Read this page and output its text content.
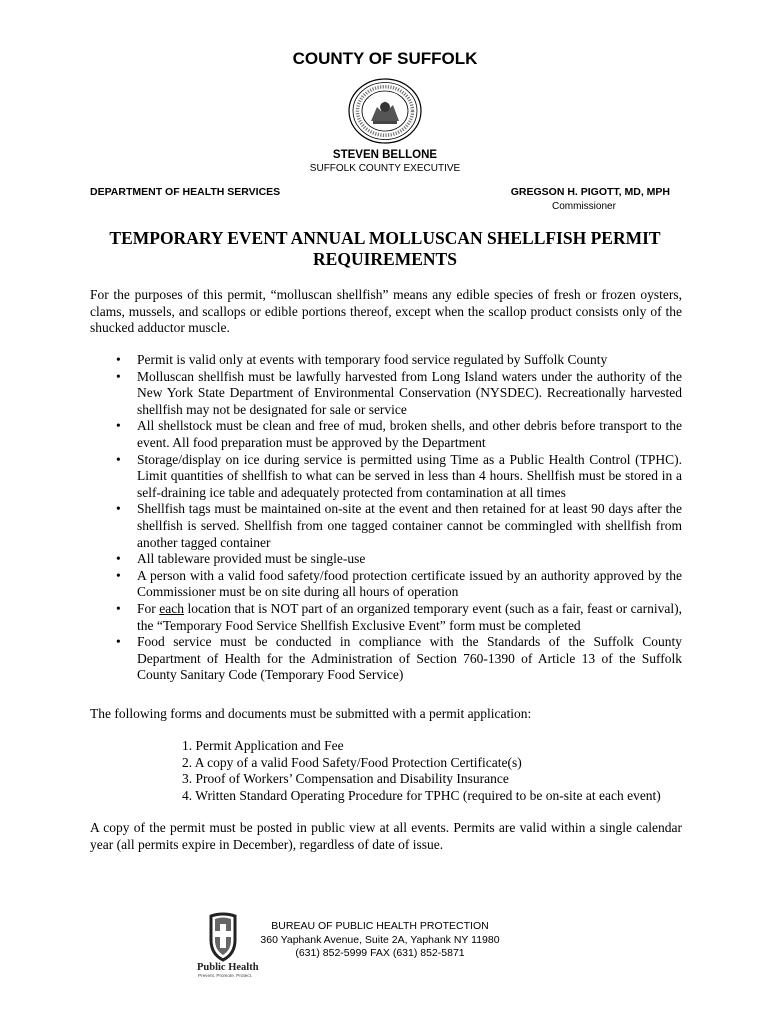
COUNTY OF SUFFOLK
STEVEN BELLONE
SUFFOLK COUNTY EXECUTIVE
DEPARTMENT OF HEALTH SERVICES	GREGSON H. PIGOTT, MD, MPH
Commissioner
TEMPORARY EVENT ANNUAL MOLLUSCAN SHELLFISH PERMIT
REQUIREMENTS

For the purposes of this permit, “molluscan shellfish” means any edible species of fresh or frozen oysters, clams, mussels, and scallops or edible portions thereof, except when the scallop product consists only of the shucked adductor muscle.

• Permit is valid only at events with temporary food service regulated by Suffolk County
• Molluscan shellfish must be lawfully harvested from Long Island waters under the authority of the New York State Department of Environmental Conservation (NYSDEC). Recreationally harvested shellfish may not be designated for sale or service
• All shellstock must be clean and free of mud, broken shells, and other debris before transport to the event. All food preparation must be approved by the Department
• Storage/display on ice during service is permitted using Time as a Public Health Control (TPHC). Limit quantities of shellfish to what can be served in less than 4 hours. Shellfish must be stored in a self-draining ice table and adequately protected from contamination at all times
• Shellfish tags must be maintained on-site at the event and then retained for at least 90 days after the shellfish is served. Shellfish from one tagged container cannot be commingled with shellfish from another tagged container
• All tableware provided must be single-use
• A person with a valid food safety/food protection certificate issued by an authority approved by the Commissioner must be on site during all hours of operation
• For each location that is NOT part of an organized temporary event (such as a fair, feast or carnival), the “Temporary Food Service Shellfish Exclusive Event” form must be completed
• Food service must be conducted in compliance with the Standards of the Suffolk County Department of Health for the Administration of Section 760-1390 of Article 13 of the Suffolk County Sanitary Code (Temporary Food Service)

The following forms and documents must be submitted with a permit application:

1. Permit Application and Fee
2. A copy of a valid Food Safety/Food Protection Certificate(s)
3. Proof of Workers’ Compensation and Disability Insurance
4. Written Standard Operating Procedure for TPHC (required to be on-site at each event)

A copy of the permit must be posted in public view at all events. Permits are valid within a single calendar year (all permits expire in December), regardless of date of issue.

Public Health
Prevent. Promote. Protect.
BUREAU OF PUBLIC HEALTH PROTECTION
360 Yaphank Avenue, Suite 2A, Yaphank NY 11980
(631) 852-5999 FAX (631) 852-5871
